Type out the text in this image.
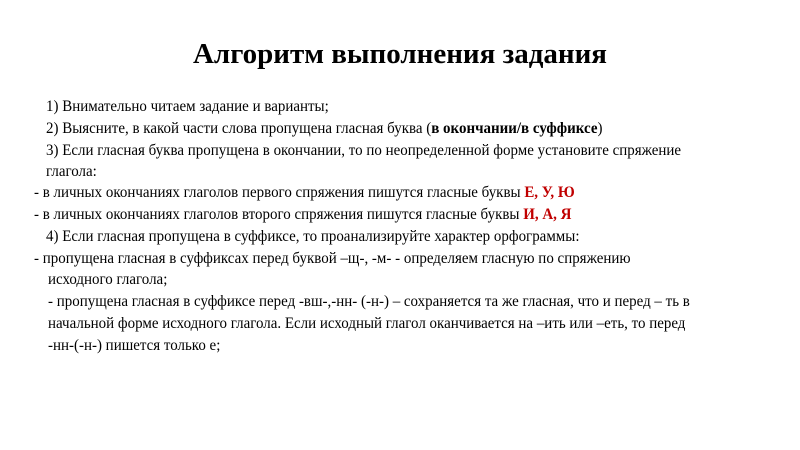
Алгоритм выполнения задания
1) Внимательно читаем задание и варианты;
2) Выясните, в какой части слова пропущена гласная буква (в окончании/в суффиксе)
3) Если гласная буква пропущена в окончании, то по неопределенной форме установите спряжение
глагола:
- в личных окончаниях глаголов первого спряжения пишутся гласные буквы Е, У, Ю
- в личных окончаниях глаголов второго спряжения пишутся гласные буквы И, А, Я
4) Если гласная пропущена в суффиксе, то проанализируйте характер орфограммы:
- пропущена гласная в суффиксах перед буквой –щ-, -м- - определяем гласную по спряжению
исходного глагола;
- пропущена гласная в суффиксе перед -вш-,-нн- (-н-) – сохраняется та же гласная, что и перед – ть в
начальной форме исходного глагола. Если исходный глагол оканчивается на –ить или –еть, то перед
-нн-(-н-) пишется только е;
